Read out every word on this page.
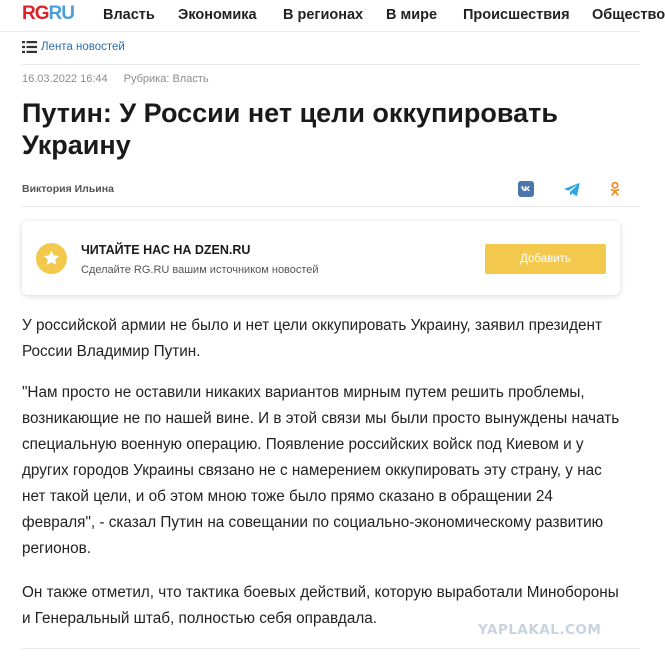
RGRU Власть Экономика В регионах В мире Происшествия Общество
Лента новостей
16.03.2022 16:44 Рубрика: Власть
Путин: У России нет цели оккупировать Украину
Виктория Ильина
ЧИТАЙТЕ НАС НА DZEN.RU
Сделайте RG.RU вашим источником новостей
Добавить

У российской армии не было и нет цели оккупировать Украину, заявил президент России Владимир Путин.

"Нам просто не оставили никаких вариантов мирным путем решить проблемы, возникающие не по нашей вине. И в этой связи мы были просто вынуждены начать специальную военную операцию. Появление российских войск под Киевом и у других городов Украины связано не с намерением оккупировать эту страну, у нас нет такой цели, и об этом мною тоже было прямо сказано в обращении 24 февраля", - сказал Путин на совещании по социально-экономическому развитию регионов.

Он также отметил, что тактика боевых действий, которую выработали Минобороны и Генеральный штаб, полностью себя оправдала.

YAPLAKAL.COM
